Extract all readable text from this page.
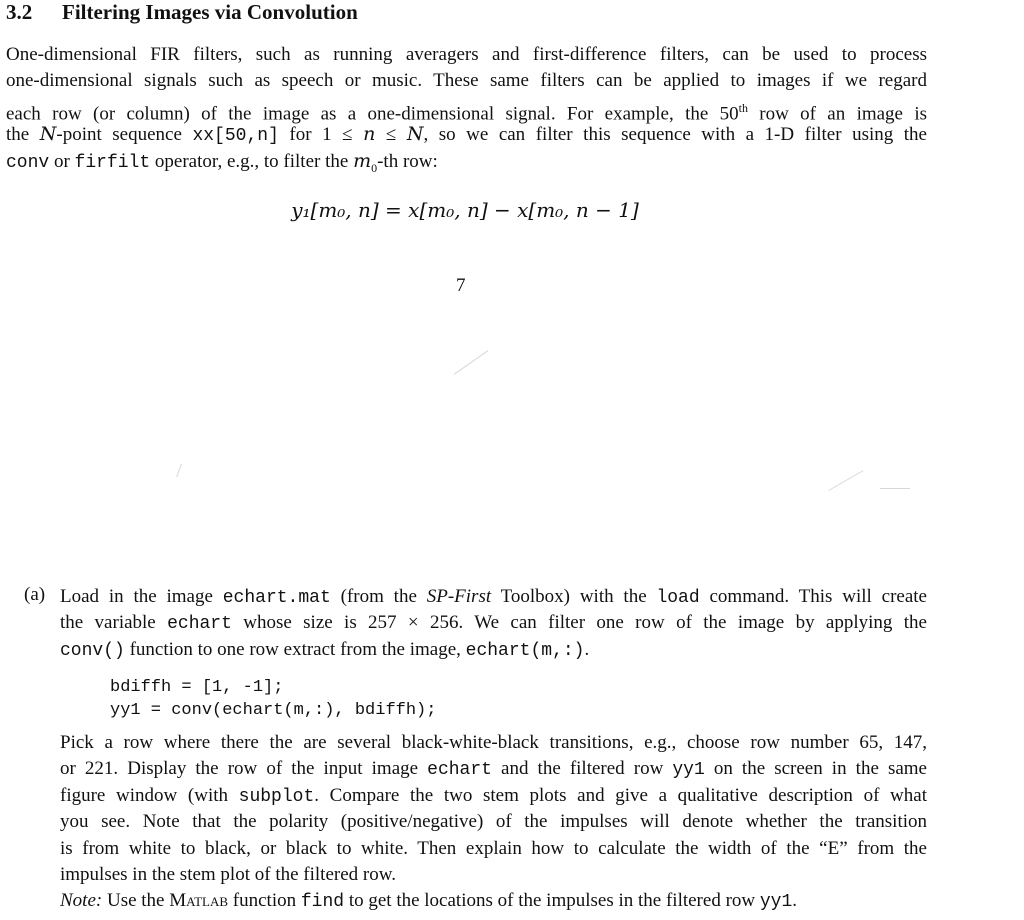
3.2 Filtering Images via Convolution
One-dimensional FIR filters, such as running averagers and first-difference filters, can be used to process
one-dimensional signals such as speech or music. These same filters can be applied to images if we regard
each row (or column) of the image as a one-dimensional signal. For example, the 50th row of an image is
the N-point sequence xx[50,n] for 1 ≤ n ≤ N, so we can filter this sequence with a 1-D filter using the
conv or firfilt operator, e.g., to filter the $m_0-th$ row:
y₁[m₀, n] = x[m₀, n] − x[m₀, n − 1]
7
(a) Load in the image echart.mat (from the SP-First Toolbox) with the load command. This will create
the variable echart whose size is 257 × 256. We can filter one row of the image by applying the
conv() function to one row extract from the image, echart(m,:).
bdiffh = [1, -1];
yy1 = conv(echart(m,:), bdiffh);
Pick a row where there the are several black-white-black transitions, e.g., choose row number 65, 147,
or 221. Display the row of the input image echart and the filtered row yy1 on the screen in the same
figure window (with subplot. Compare the two stem plots and give a qualitative description of what
you see. Note that the polarity (positive/negative) of the impulses will denote whether the transition
is from white to black, or black to white. Then explain how to calculate the width of the “E” from the
impulses in the stem plot of the filtered row.
Note: Use the Matlab function find to get the locations of the impulses in the filtered row yy1.
